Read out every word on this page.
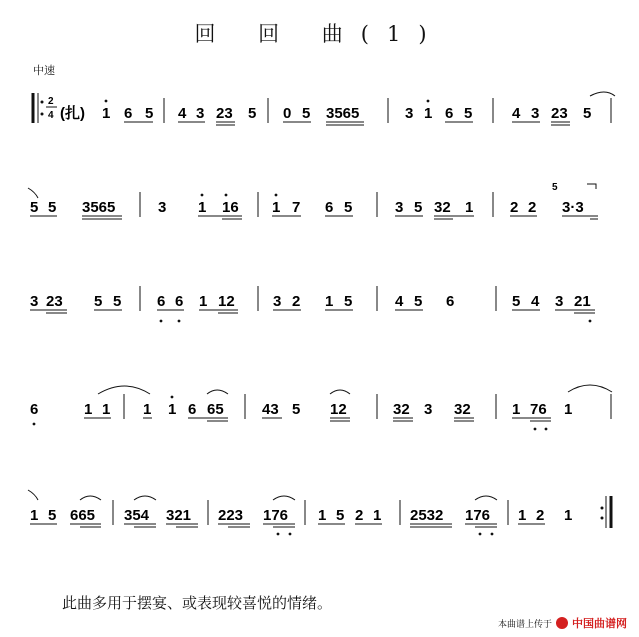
回 回 曲(1)
中速
2
4 (扎) 1 6 5 4 3 23 5 0 5 3565	3 1 6 5	4 3 23 5
5 5 3565	3 1 16 1 7 6 5	3 5 32 1 2 2
5
3·3
3 23 5 5 6 6 1 12	3 2 1 5	4 5 6	5 4 3 21
6	1 1 1 1 6 65	43 5 12	32 3 32	1 76 1
1 5 665 354 321 223 176 1 5 2 1 2532 176 1 2 1
此曲多用于摆宴、或表现较喜悦的情绪。
本曲谱上传于 中国曲谱网
